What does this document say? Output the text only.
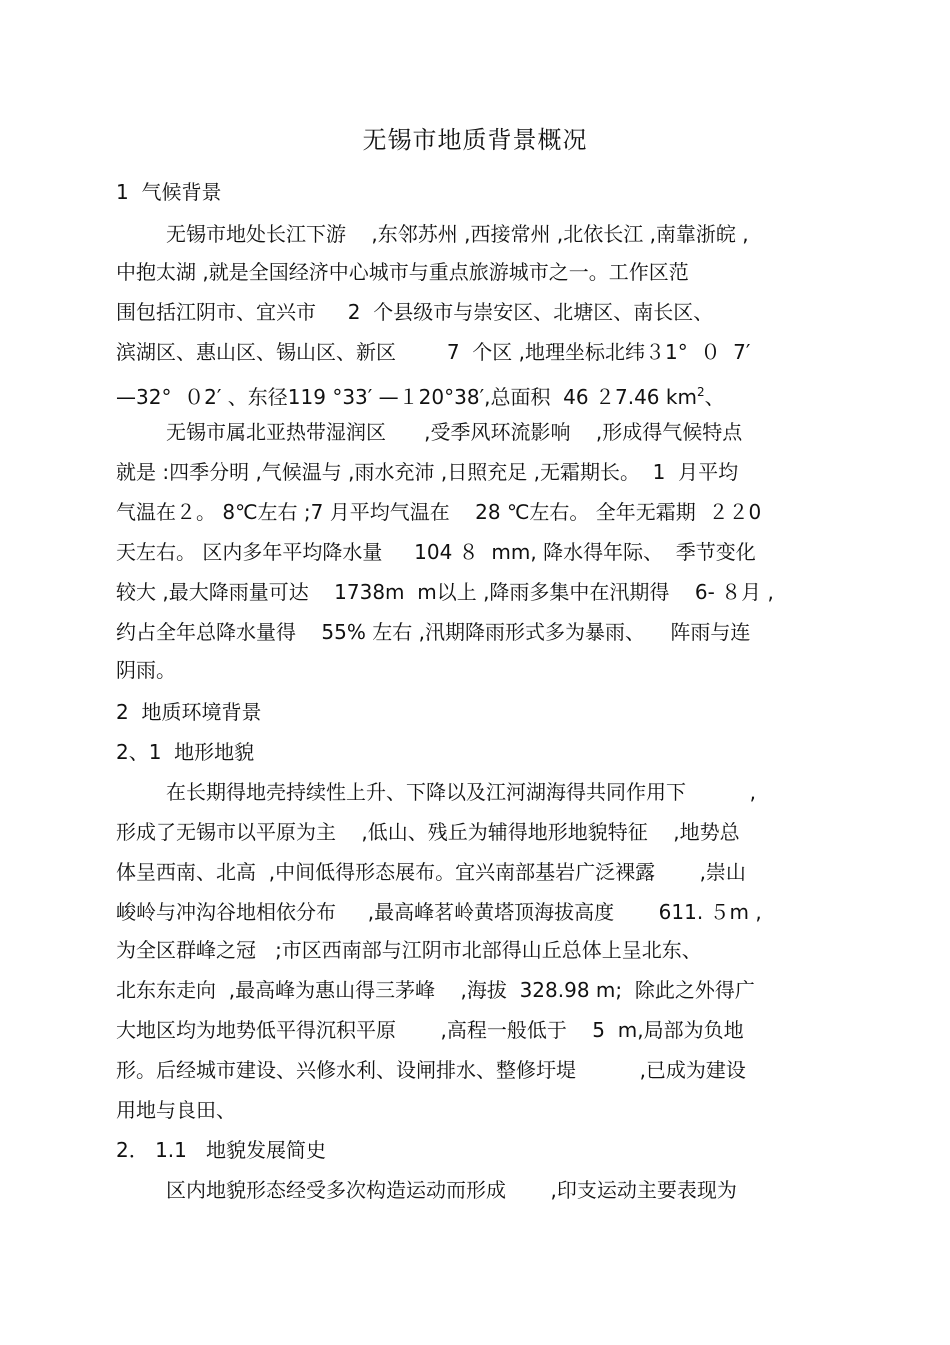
无锡市地质背景概况
1  气候背景
无锡市地处长江下游    ,东邻苏州 ,西接常州 ,北依长江 ,南靠浙皖 ,
中抱太湖 ,就是全国经济中心城市与重点旅游城市之一。工作区范
围包括江阴市、宜兴市     2  个县级市与崇安区、北塘区、南长区、
滨湖区、惠山区、锡山区、新区        7  个区 ,地理坐标北纬３1°  ０  7′
—32°  ０2′ 、东径119 °33′ —１20°38′,总面积  46 ２7.46 $km^2$、
无锡市属北亚热带湿润区      ,受季风环流影响    ,形成得气候特点
就是 :四季分明 ,气候温与 ,雨水充沛 ,日照充足 ,无霜期长。  1  月平均
气温在２。 8℃左右 ;7 月平均气温在    28 ℃左右。 全年无霜期  ２２0
天左右。 区内多年平均降水量     104 ８  mm, 降水得年际、  季节变化
较大 ,最大降雨量可达    1738m  m以上 ,降雨多集中在汛期得    6- ８月 ,
约占全年总降水量得    55% 左右 ,汛期降雨形式多为暴雨、    阵雨与连
阴雨。
2  地质环境背景
2、1  地形地貌
在长期得地壳持续性上升、下降以及江河湖海得共同作用下          ,
形成了无锡市以平原为主    ,低山、残丘为辅得地形地貌特征    ,地势总
体呈西南、北高  ,中间低得形态展布。宜兴南部基岩广泛裸露       ,崇山
峻岭与冲沟谷地相依分布     ,最高峰茗岭黄塔顶海拔高度       611. ５m ,
为全区群峰之冠   ;市区西南部与江阴市北部得山丘总体上呈北东、
北东东走向  ,最高峰为惠山得三茅峰    ,海拔  328.98 m;  除此之外得广
大地区均为地势低平得沉积平原       ,高程一般低于    5  m,局部为负地
形。后经城市建设、兴修水利、设闸排水、整修圩堤          ,已成为建设
用地与良田、
2． 1.1   地貌发展简史
区内地貌形态经受多次构造运动而形成       ,印支运动主要表现为
